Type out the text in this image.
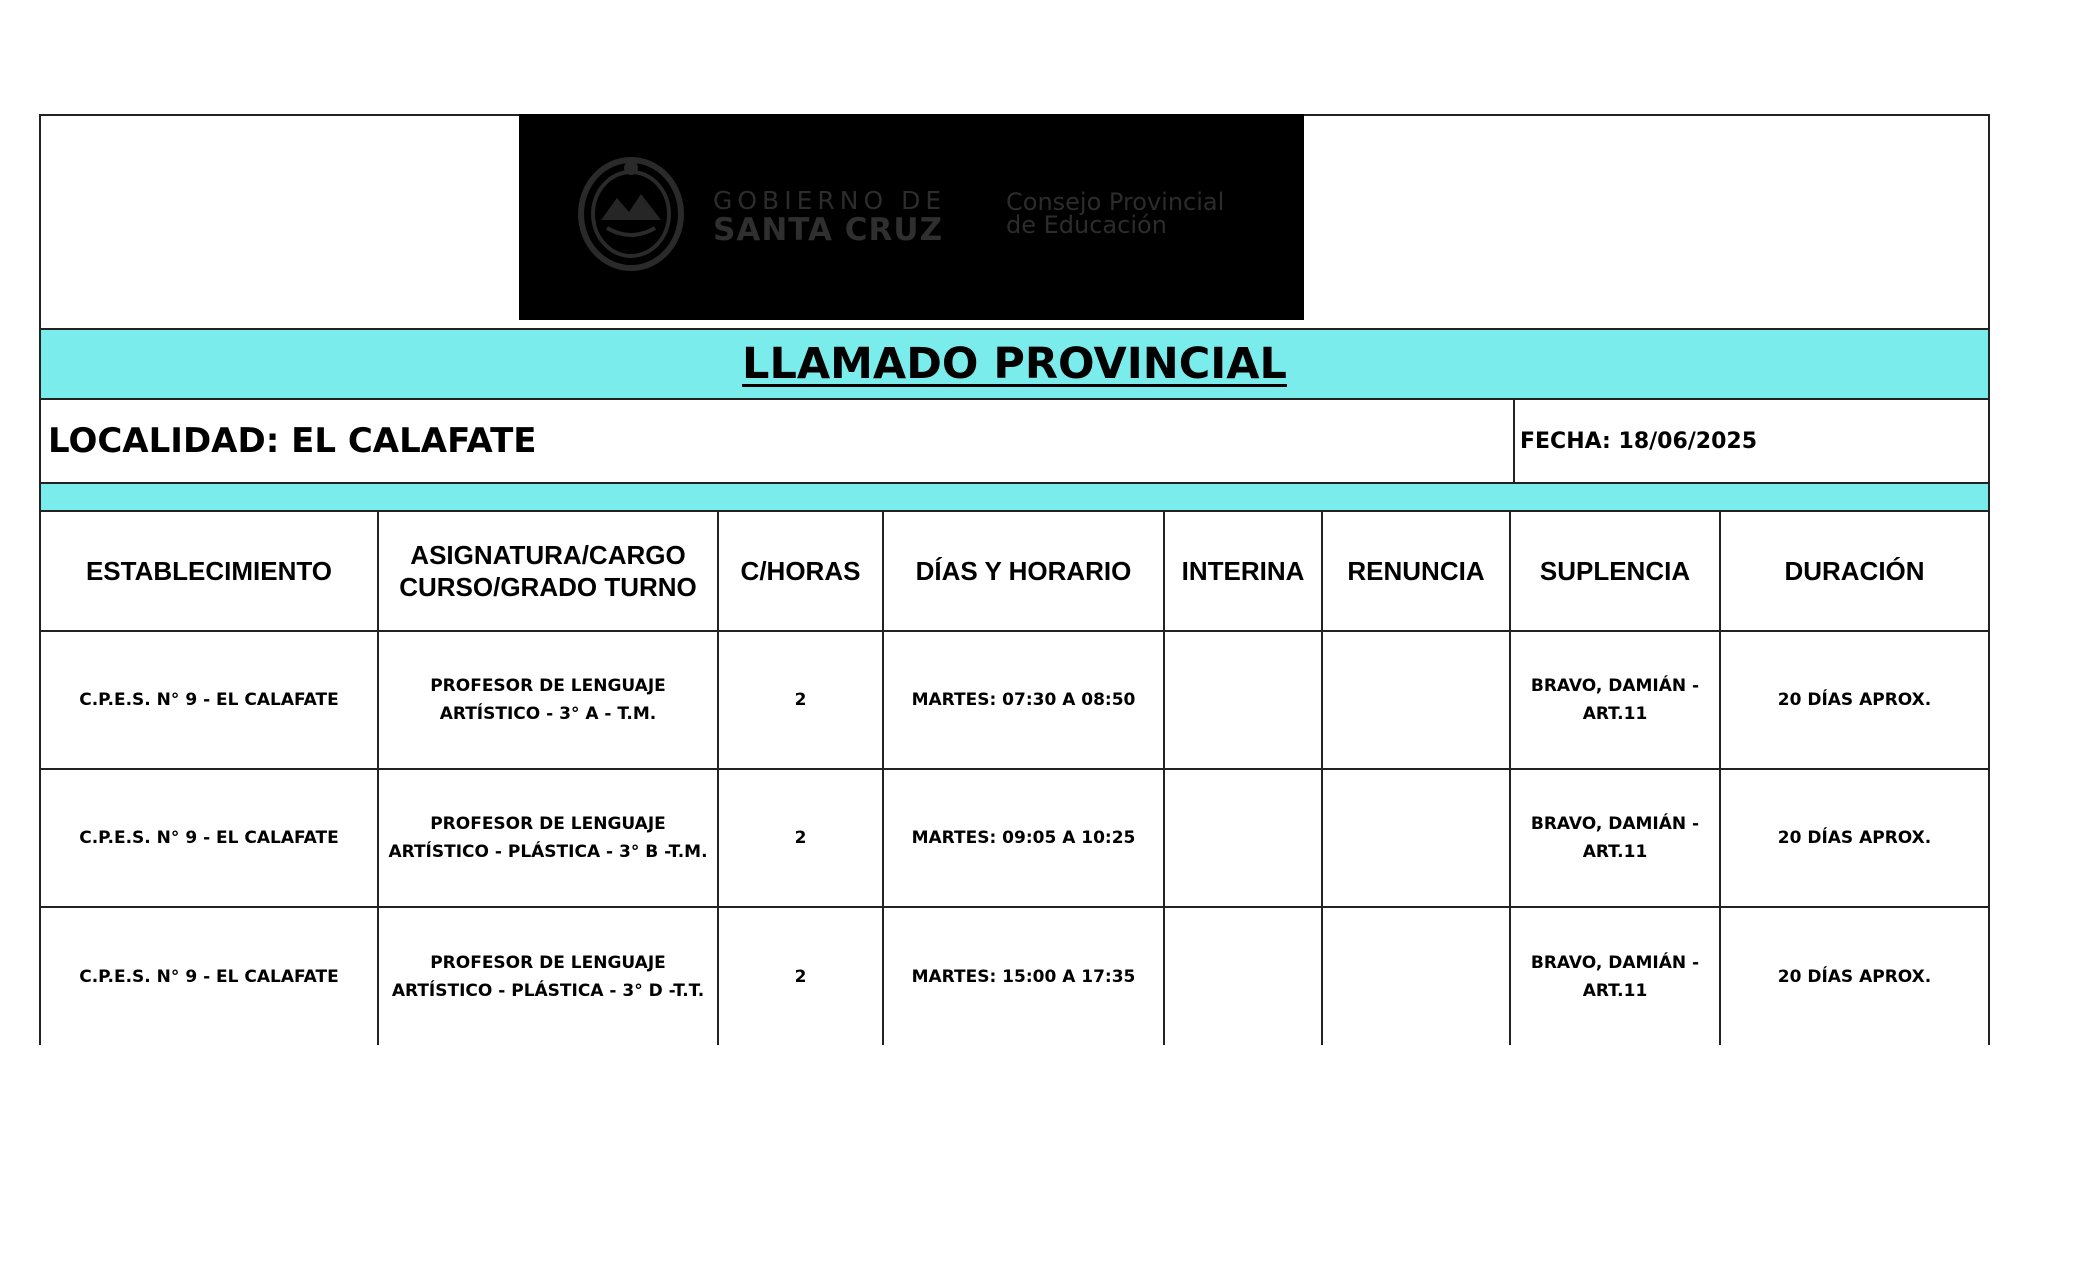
GOBIERNO DE
SANTA CRUZ
Consejo Provincial
de Educación
LLAMADO PROVINCIAL
LOCALIDAD: EL CALAFATE	FECHA: 18/06/2025
ESTABLECIMIENTO	ASIGNATURA/CARGO CURSO/GRADO TURNO	C/HORAS	DÍAS Y HORARIO	INTERINA	RENUNCIA	SUPLENCIA	DURACIÓN
C.P.E.S. N° 9 - EL CALAFATE	PROFESOR DE LENGUAJE ARTÍSTICO - 3° A - T.M.	2	MARTES: 07:30 A 08:50			BRAVO, DAMIÁN - ART.11	20 DÍAS APROX.
C.P.E.S. N° 9 - EL CALAFATE	PROFESOR DE LENGUAJE ARTÍSTICO - PLÁSTICA - 3° B -T.M.	2	MARTES: 09:05 A 10:25			BRAVO, DAMIÁN - ART.11	20 DÍAS APROX.
C.P.E.S. N° 9 - EL CALAFATE	PROFESOR DE LENGUAJE ARTÍSTICO - PLÁSTICA - 3° D -T.T.	2	MARTES: 15:00 A 17:35			BRAVO, DAMIÁN - ART.11	20 DÍAS APROX.
